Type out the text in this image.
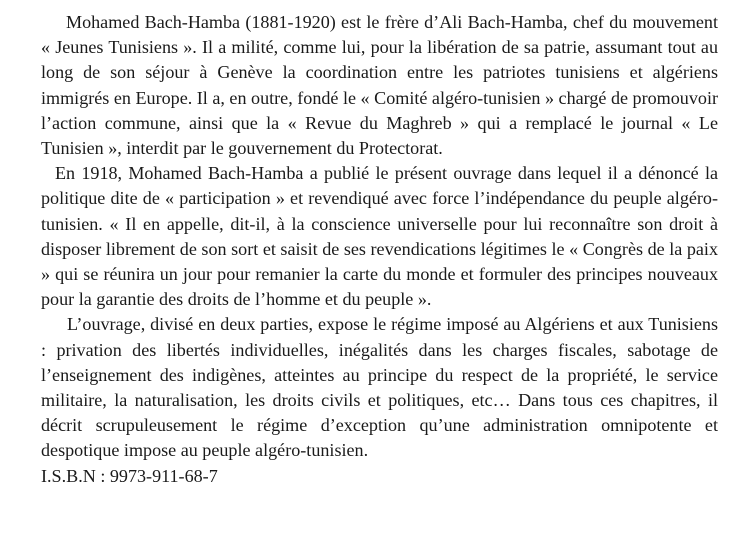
Mohamed Bach-Hamba (1881-1920) est le frère d’Ali Bach-Hamba, chef du mouvement « Jeunes Tunisiens ». Il a milité, comme lui, pour la libération de sa patrie, assumant tout au long de son séjour à Genève la coordination entre les patriotes tunisiens et algériens immigrés en Europe. Il a, en outre, fondé le « Comité algéro-tunisien » chargé de promouvoir l’action commune, ainsi que la « Revue du Maghreb » qui a remplacé le journal « Le Tunisien », interdit par le gouvernement du Protectorat.

En 1918, Mohamed Bach-Hamba a publié le présent ouvrage dans lequel il a dénoncé la politique dite de « participation » et revendiqué avec force l’indépendance du peuple algéro-tunisien. « Il en appelle, dit-il, à la conscience universelle pour lui reconnaître son droit à disposer librement de son sort et saisit de ses revendications légitimes le « Congrès de la paix » qui se réunira un jour pour remanier la carte du monde et formuler des principes nouveaux pour la garantie des droits de l’homme et du peuple ».

L’ouvrage, divisé en deux parties, expose le régime imposé au Algériens et aux Tunisiens : privation des libertés individuelles, inégalités dans les charges fiscales, sabotage de l’enseignement des indigènes, atteintes au principe du respect de la propriété, le service militaire, la naturalisation, les droits civils et politiques, etc… Dans tous ces chapitres, il décrit scrupuleusement le régime d’exception qu’une administration omnipotente et despotique impose au peuple algéro-tunisien.

I.S.B.N : 9973-911-68-7
